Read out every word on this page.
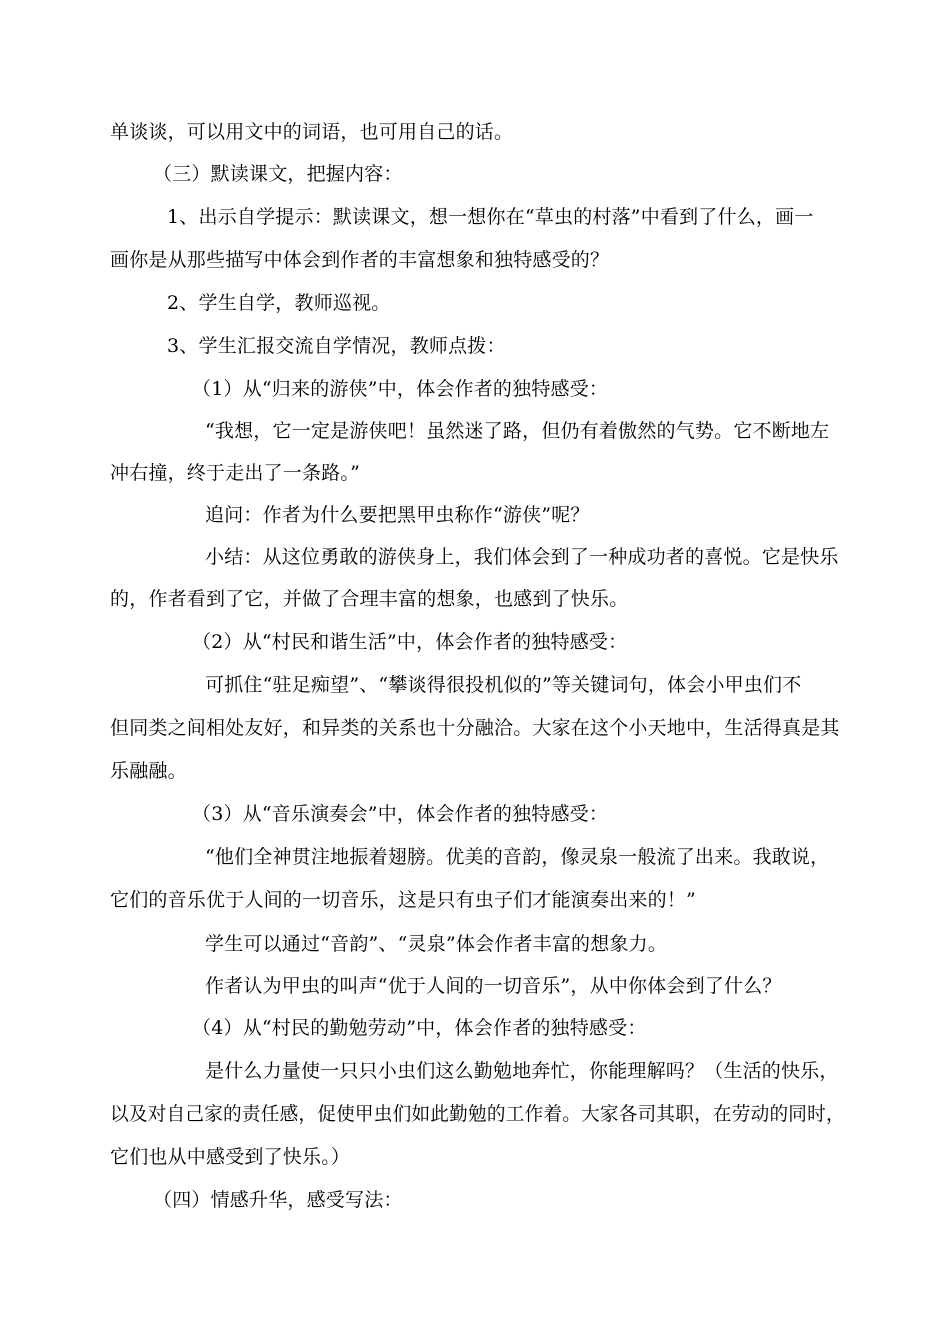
单谈谈，可以用文中的词语，也可用自己的话。
（三）默读课文，把握内容：
1、出示自学提示：默读课文，想一想你在“草虫的村落”中看到了什么，画一
画你是从那些描写中体会到作者的丰富想象和独特感受的？
2、学生自学，教师巡视。
3、学生汇报交流自学情况，教师点拨：
（1）从“归来的游侠”中，体会作者的独特感受：
“我想，它一定是游侠吧！虽然迷了路，但仍有着傲然的气势。它不断地左
冲右撞，终于走出了一条路。”
追问：作者为什么要把黑甲虫称作“游侠”呢？
小结：从这位勇敢的游侠身上，我们体会到了一种成功者的喜悦。它是快乐
的，作者看到了它，并做了合理丰富的想象，也感到了快乐。
（2）从“村民和谐生活”中，体会作者的独特感受：
可抓住“驻足痴望”、“攀谈得很投机似的”等关键词句，体会小甲虫们不
但同类之间相处友好，和异类的关系也十分融洽。大家在这个小天地中，生活得真是其
乐融融。
（3）从“音乐演奏会”中，体会作者的独特感受：
“他们全神贯注地振着翅膀。优美的音韵，像灵泉一般流了出来。我敢说，
它们的音乐优于人间的一切音乐，这是只有虫子们才能演奏出来的！”
学生可以通过“音韵”、“灵泉”体会作者丰富的想象力。
作者认为甲虫的叫声“优于人间的一切音乐”，从中你体会到了什么？
（4）从“村民的勤勉劳动”中，体会作者的独特感受：
是什么力量使一只只小虫们这么勤勉地奔忙，你能理解吗？（生活的快乐，
以及对自己家的责任感，促使甲虫们如此勤勉的工作着。大家各司其职，在劳动的同时，
它们也从中感受到了快乐。）
（四）情感升华，感受写法：
